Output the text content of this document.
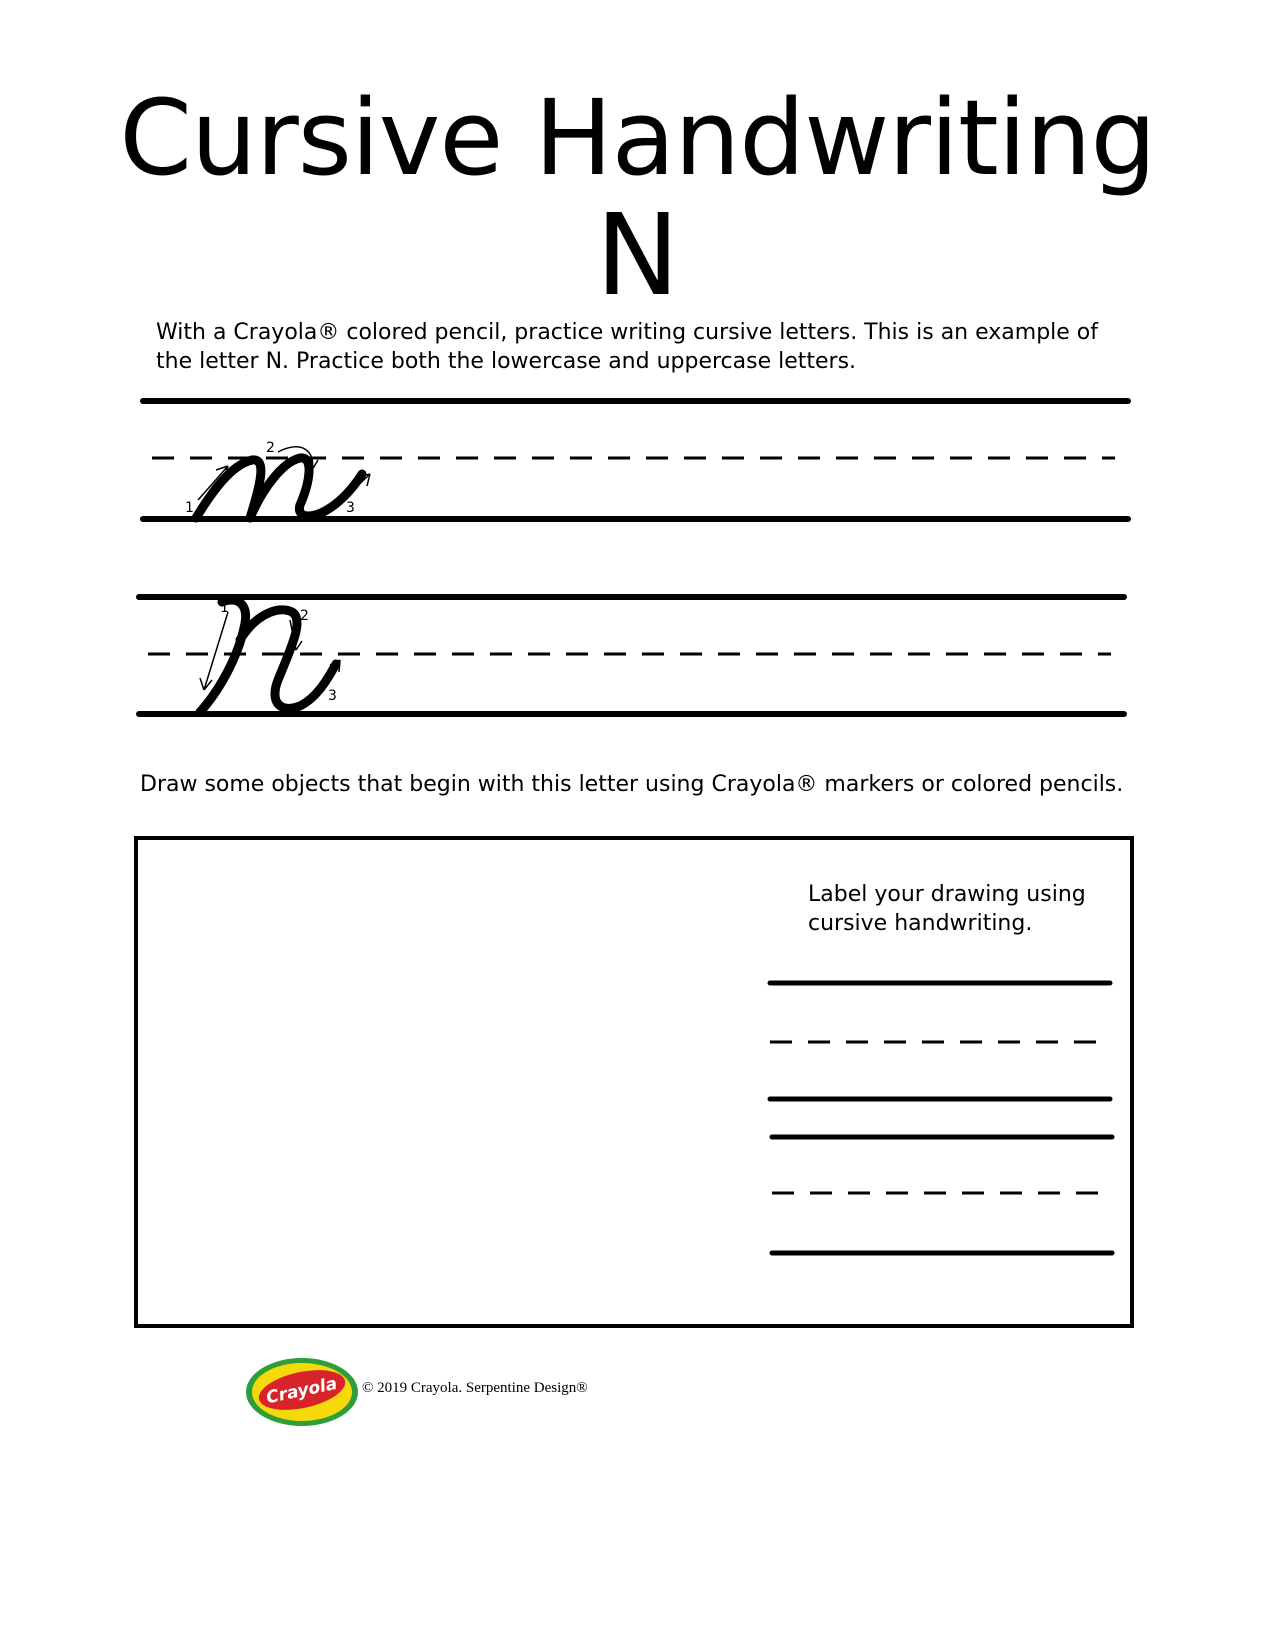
Cursive Handwriting
N
With a Crayola® colored pencil, practice writing cursive letters. This is an example of the letter N. Practice both the lowercase and uppercase letters.
1
2
3
1	2
3
Draw some objects that begin with this letter using Crayola® markers or colored pencils.
Label your drawing using cursive handwriting.
Crayola © 2019 Crayola. Serpentine Design®
